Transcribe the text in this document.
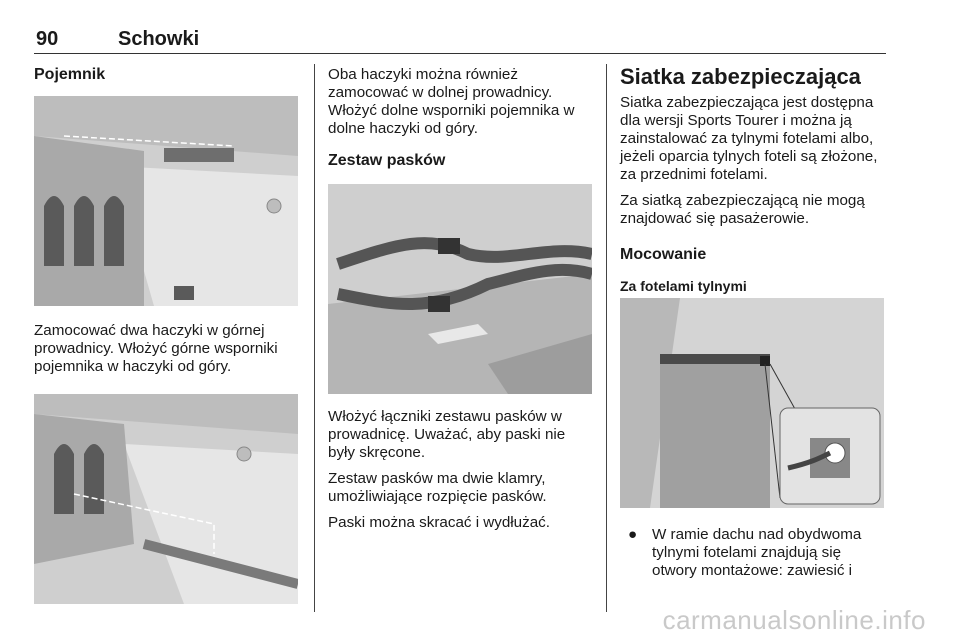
90	Schowki
Pojemnik

Zamocować dwa haczyki w górnej prowadnicy. Włożyć górne wsporniki pojemnika w haczyki od góry.

Oba haczyki można również zamocować w dolnej prowadnicy. Włożyć dolne wsporniki pojemnika w dolne haczyki od góry.

Zestaw pasków

Włożyć łączniki zestawu pasków w prowadnicę. Uważać, aby paski nie były skręcone.

Zestaw pasków ma dwie klamry, umożliwiające rozpięcie pasków.

Paski można skracać i wydłużać.

Siatka zabezpieczająca

Siatka zabezpieczająca jest dostępna dla wersji Sports Tourer i można ją zainstalować za tylnymi fotelami albo, jeżeli oparcia tylnych foteli są złożone, za przednimi fotelami.

Za siatką zabezpieczającą nie mogą znajdować się pasażerowie.

Mocowanie
Za fotelami tylnymi
● W ramie dachu nad obydwoma tylnymi fotelami znajdują się otwory montażowe: zawiesić i
carmanualsonline.info
